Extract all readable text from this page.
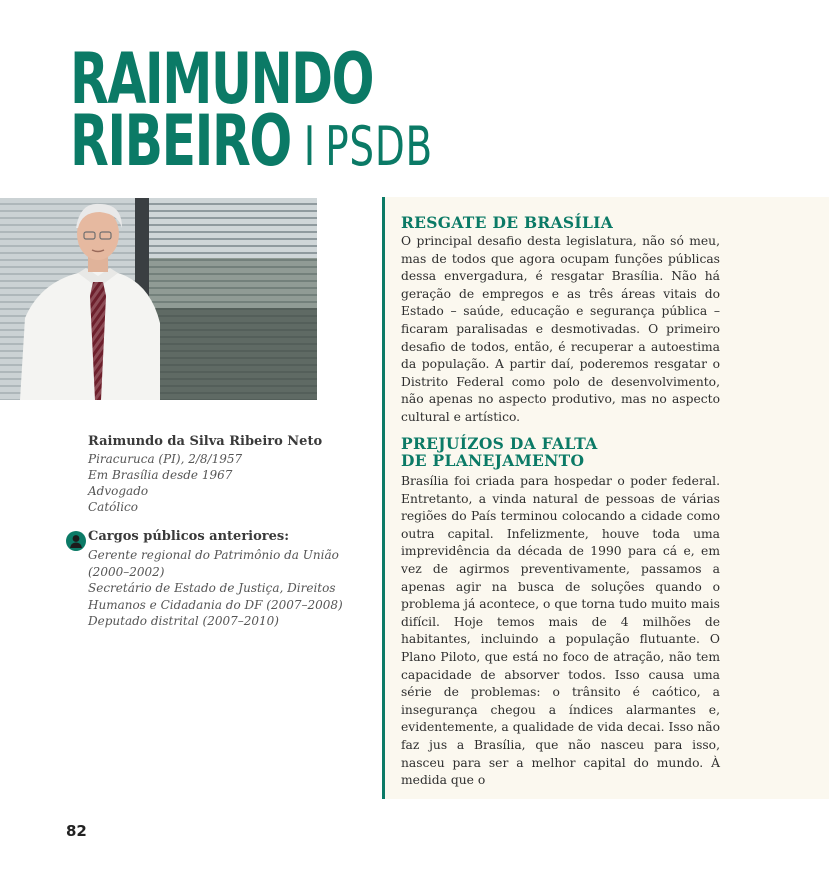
RAIMUNDO
RIBEIRO I PSDB
Raimundo da Silva Ribeiro Neto
Piracuruca (PI), 2/8/1957
Em Brasília desde 1967
Advogado
Católico
Cargos públicos anteriores:
Gerente regional do Patrimônio da União (2000–2002)
Secretário de Estado de Justiça, Direitos Humanos e Cidadania do DF (2007–2008)
Deputado distrital (2007–2010)
RESGATE DE BRASÍLIA
O principal desafio desta legislatura, não só meu, mas de todos que agora ocupam funções públicas dessa envergadura, é resgatar Brasília. Não há geração de empregos e as três áreas vitais do Estado – saúde, educação e segurança pública – ficaram paralisadas e desmotivadas. O primeiro desafio de todos, então, é recuperar a autoestima da população. A partir daí, poderemos resgatar o Distrito Federal como polo de desenvolvimento, não apenas no aspecto produtivo, mas no aspecto cultural e artístico.
PREJUÍZOS DA FALTA
DE PLANEJAMENTO
Brasília foi criada para hospedar o poder federal. Entretanto, a vinda natural de pessoas de várias regiões do País terminou colocando a cidade como outra capital. Infelizmente, houve toda uma imprevidência da década de 1990 para cá e, em vez de agirmos preventivamente, passamos a apenas agir na busca de soluções quando o problema já acontece, o que torna tudo muito mais difícil. Hoje temos mais de 4 milhões de habitantes, incluindo a população flutuante. O Plano Piloto, que está no foco de atração, não tem capacidade de absorver todos. Isso causa uma série de problemas: o trânsito é caótico, a insegurança chegou a índices alarmantes e, evidentemente, a qualidade de vida decai. Isso não faz jus a Brasília, que não nasceu para isso, nasceu para ser a melhor capital do mundo. À medida que o
82
